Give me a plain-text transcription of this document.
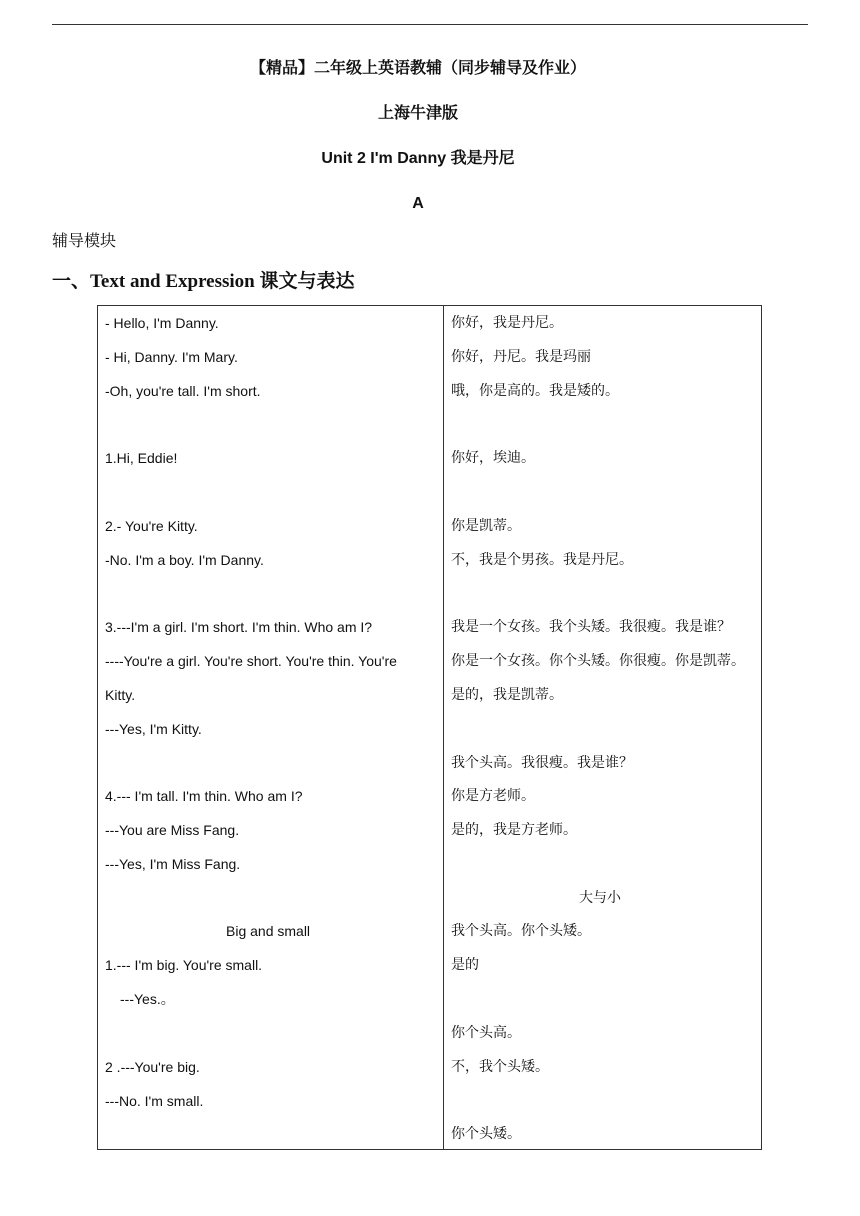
【精品】二年级上英语教辅（同步辅导及作业）
上海牛津版
Unit 2 I'm Danny 我是丹尼
A
辅导模块
一、Text and Expression 课文与表达
- Hello, I'm Danny.
- Hi, Danny. I'm Mary.
-Oh, you're tall. I'm short.
1.Hi, Eddie!
2.- You're Kitty.
-No. I'm a boy. I'm Danny.
3.---I'm a girl. I'm short. I'm thin. Who am I?
----You're a girl. You're short. You're thin. You're
Kitty.
---Yes, I'm Kitty.
4.--- I'm tall. I'm thin. Who am I?
---You are Miss Fang.
---Yes, I'm Miss Fang.
Big and small
1.--- I'm big. You're small.
---Yes.。
2 .---You're big.
---No. I'm small.
你好，我是丹尼。
你好，丹尼。我是玛丽
哦，你是高的。我是矮的。
你好，埃迪。
你是凯蒂。
不，我是个男孩。我是丹尼。
我是一个女孩。我个头矮。我很瘦。我是谁？
你是一个女孩。你个头矮。你很瘦。你是凯蒂。
是的，我是凯蒂。
我个头高。我很瘦。我是谁？
你是方老师。
是的，我是方老师。
大与小
我个头高。你个头矮。
是的
你个头高。
不，我个头矮。
你个头矮。
